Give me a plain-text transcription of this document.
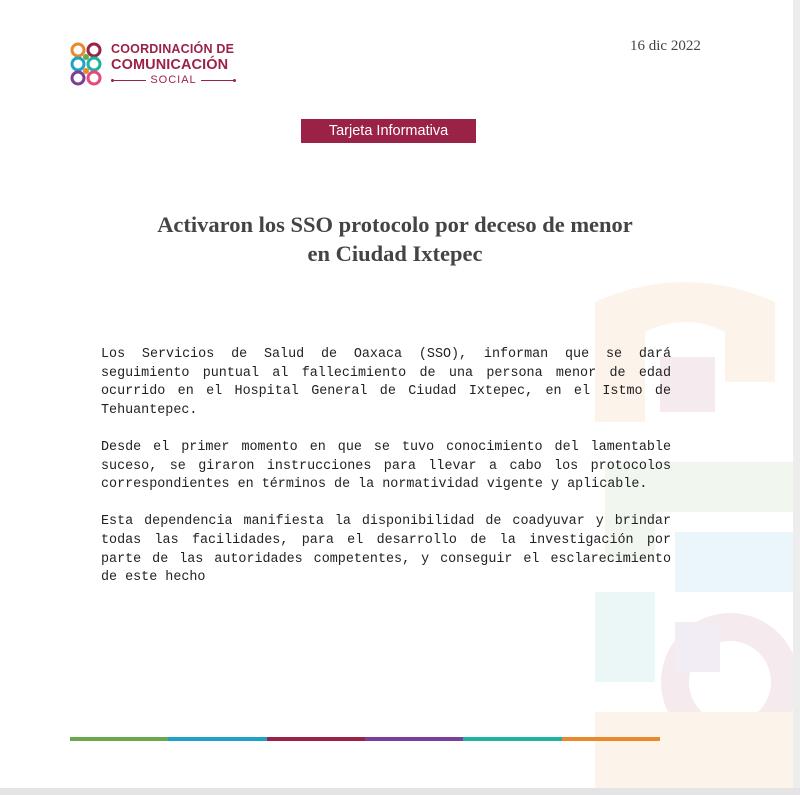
COORDINACIÓN DE
COMUNICACIÓN
SOCIAL
16 dic 2022
Tarjeta Informativa
Activaron los SSO protocolo por deceso de menor
en Ciudad Ixtepec

Los Servicios de Salud de Oaxaca (SSO), informan que se dará seguimiento puntual al fallecimiento de una persona menor de edad ocurrido en el Hospital General de Ciudad Ixtepec, en el Istmo de Tehuantepec.

Desde el primer momento en que se tuvo conocimiento del lamentable suceso, se giraron instrucciones para llevar a cabo los protocolos correspondientes en términos de la normatividad vigente y aplicable.

Esta dependencia manifiesta la disponibilidad de coadyuvar y brindar todas las facilidades, para el desarrollo de la investigación por parte de las autoridades competentes, y conseguir el esclarecimiento de este hecho
